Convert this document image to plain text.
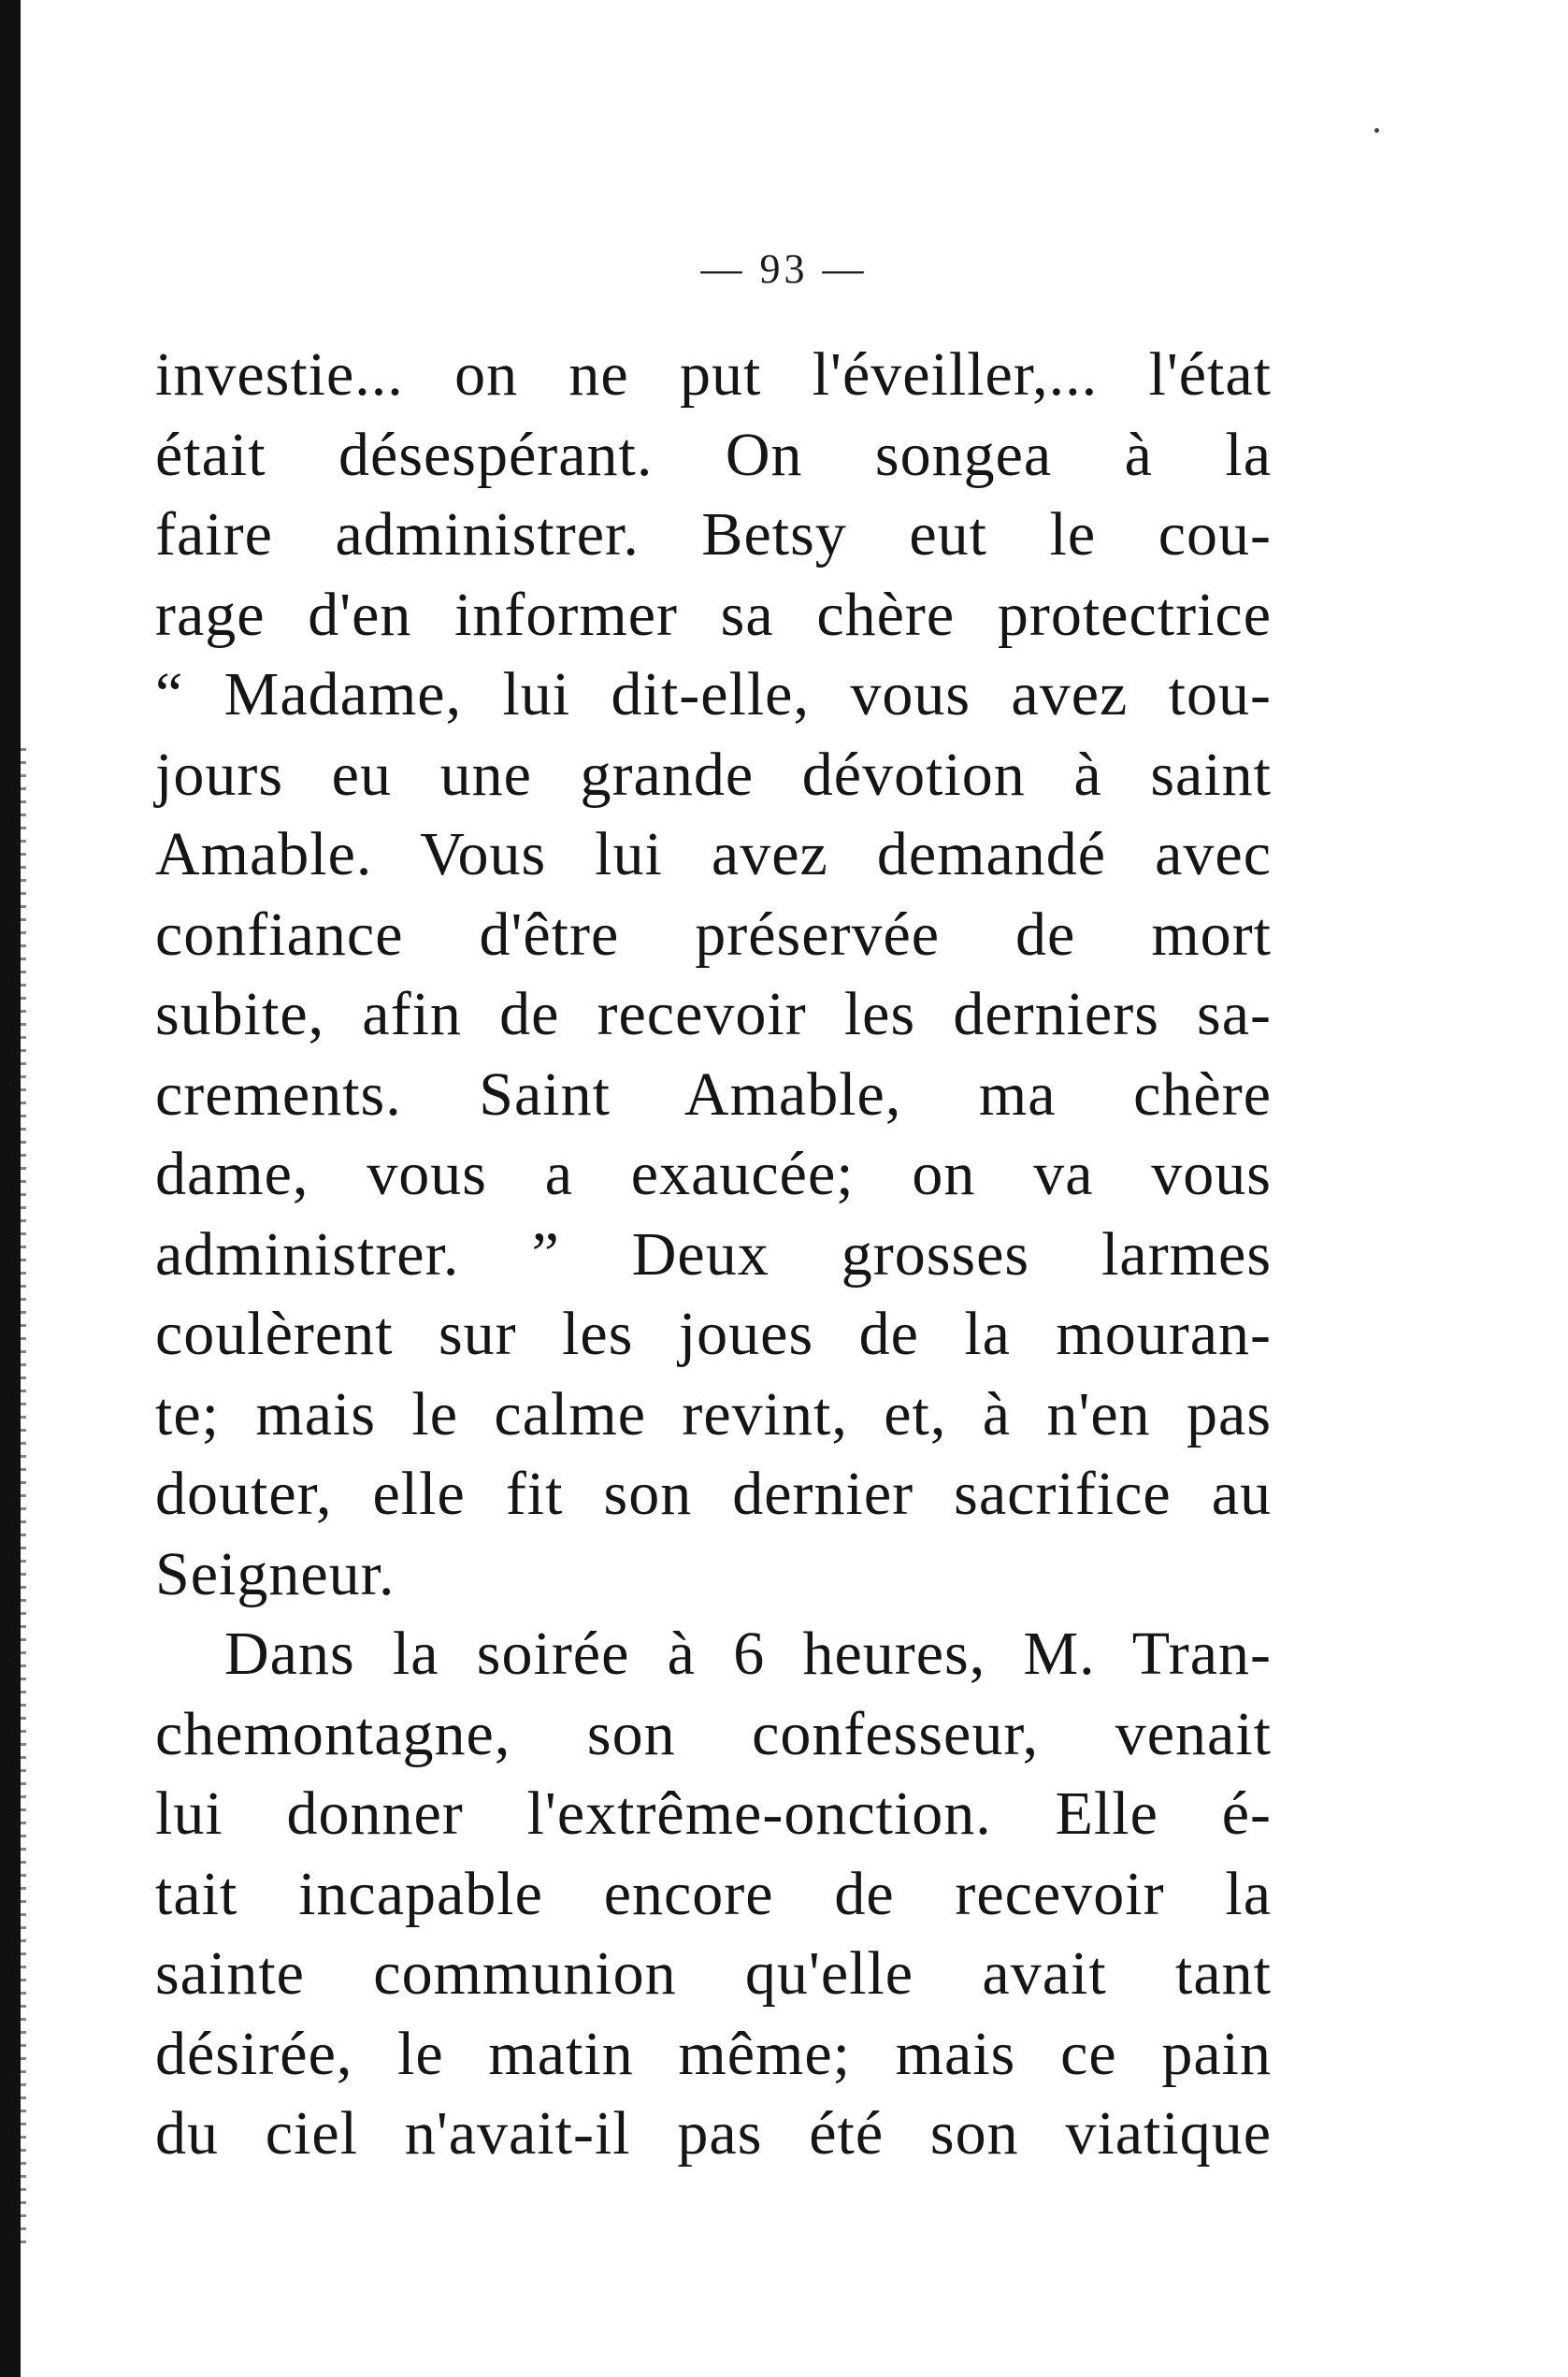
— 93 —
investie... on ne put l'éveiller,... l'état
était désespérant. On songea à la
faire administrer. Betsy eut le cou-
rage d'en informer sa chère protectrice
“ Madame, lui dit-elle, vous avez tou-
jours eu une grande dévotion à saint
Amable. Vous lui avez demandé avec
confiance d'être préservée de mort
subite, afin de recevoir les derniers sa-
crements. Saint Amable, ma chère
dame, vous a exaucée; on va vous
administrer. ” Deux grosses larmes
coulèrent sur les joues de la mouran-
te; mais le calme revint, et, à n'en pas
douter, elle fit son dernier sacrifice au
Seigneur.
Dans la soirée à 6 heures, M. Tran-
chemontagne, son confesseur, venait
lui donner l'extrême-onction. Elle é-
tait incapable encore de recevoir la
sainte communion qu'elle avait tant
désirée, le matin même; mais ce pain
du ciel n'avait-il pas été son viatique
